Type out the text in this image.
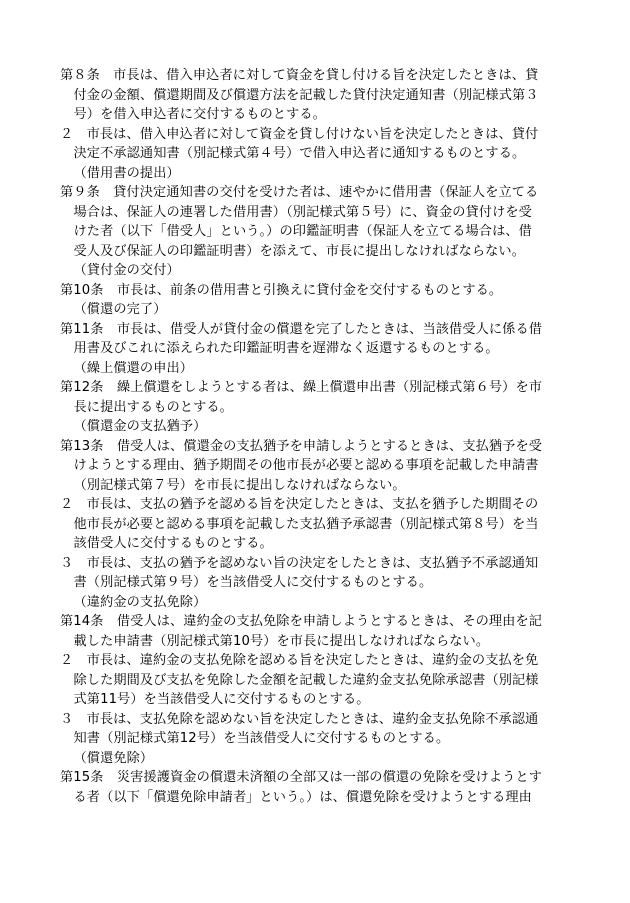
第８条　市長は、借入申込者に対して資金を貸し付ける旨を決定したときは、貸
付金の金額、償還期間及び償還方法を記載した貸付決定通知書（別記様式第３
号）を借入申込者に交付するものとする。
２　市長は、借入申込者に対して資金を貸し付けない旨を決定したときは、貸付
決定不承認通知書（別記様式第４号）で借入申込者に通知するものとする。
（借用書の提出）
第９条　貸付決定通知書の交付を受けた者は、速やかに借用書（保証人を立てる
場合は、保証人の連署した借用書）（別記様式第５号）に、資金の貸付けを受
けた者（以下「借受人」という。）の印鑑証明書（保証人を立てる場合は、借
受人及び保証人の印鑑証明書）を添えて、市長に提出しなければならない。
（貸付金の交付）
第10条　市長は、前条の借用書と引換えに貸付金を交付するものとする。
（償還の完了）
第11条　市長は、借受人が貸付金の償還を完了したときは、当該借受人に係る借
用書及びこれに添えられた印鑑証明書を遅滞なく返還するものとする。
（繰上償還の申出）
第12条　繰上償還をしようとする者は、繰上償還申出書（別記様式第６号）を市
長に提出するものとする。
（償還金の支払猶予）
第13条　借受人は、償還金の支払猶予を申請しようとするときは、支払猶予を受
けようとする理由、猶予期間その他市長が必要と認める事項を記載した申請書
（別記様式第７号）を市長に提出しなければならない。
２　市長は、支払の猶予を認める旨を決定したときは、支払を猶予した期間その
他市長が必要と認める事項を記載した支払猶予承認書（別記様式第８号）を当
該借受人に交付するものとする。
３　市長は、支払の猶予を認めない旨の決定をしたときは、支払猶予不承認通知
書（別記様式第９号）を当該借受人に交付するものとする。
（違約金の支払免除）
第14条　借受人は、違約金の支払免除を申請しようとするときは、その理由を記
載した申請書（別記様式第10号）を市長に提出しなければならない。
２　市長は、違約金の支払免除を認める旨を決定したときは、違約金の支払を免
除した期間及び支払を免除した金額を記載した違約金支払免除承認書（別記様
式第11号）を当該借受人に交付するものとする。
３　市長は、支払免除を認めない旨を決定したときは、違約金支払免除不承認通
知書（別記様式第12号）を当該借受人に交付するものとする。
（償還免除）
第15条　災害援護資金の償還未済額の全部又は一部の償還の免除を受けようとす
る者（以下「償還免除申請者」という。）は、償還免除を受けようとする理由
